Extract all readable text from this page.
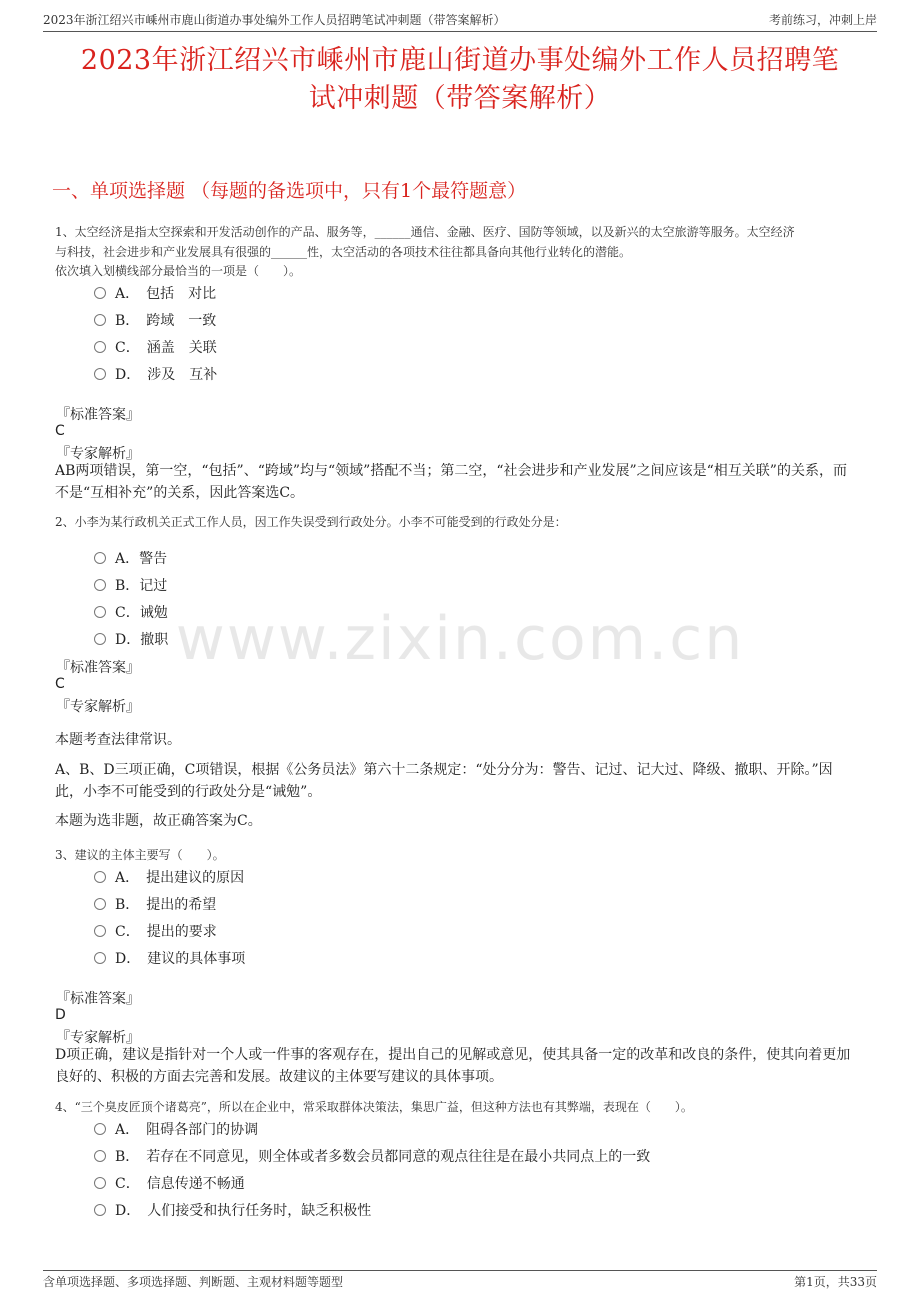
2023年浙江绍兴市嵊州市鹿山街道办事处编外工作人员招聘笔试冲刺题（带答案解析）	考前练习，冲刺上岸
2023年浙江绍兴市嵊州市鹿山街道办事处编外工作人员招聘笔
试冲刺题（带答案解析）
一、单项选择题 （每题的备选项中，只有1个最符题意）
www.zixin.com.cn
1、太空经济是指太空探索和开发活动创作的产品、服务等，______通信、金融、医疗、国防等领域，以及新兴的太空旅游等服务。太空经济
与科技，社会进步和产业发展具有很强的______性，太空活动的各项技术往往都具备向其他行业转化的潜能。
依次填入划横线部分最恰当的一项是（　　）。
A．　包括　对比
B．　跨域　一致
C．　涵盖　关联
D．　涉及　互补
『标准答案』
C
『专家解析』
AB两项错误，第一空，“包括”、“跨域”均与“领域”搭配不当；第二空，“社会进步和产业发展”之间应该是“相互关联”的关系，而不是“互相补充”的关系，因此答案选C。
2、小李为某行政机关正式工作人员，因工作失误受到行政处分。小李不可能受到的行政处分是：
A．警告
B．记过
C．诫勉
D．撤职
『标准答案』
C
『专家解析』
本题考查法律常识。
A、B、D三项正确，C项错误，根据《公务员法》第六十二条规定：“处分分为：警告、记过、记大过、降级、撤职、开除。”因此，小李不可能受到的行政处分是“诫勉”。
本题为选非题，故正确答案为C。
3、建议的主体主要写（　　）。
A．　提出建议的原因
B．　提出的希望
C．　提出的要求
D．　建议的具体事项
『标准答案』
D
『专家解析』
D项正确，建议是指针对一个人或一件事的客观存在，提出自己的见解或意见，使其具备一定的改革和改良的条件，使其向着更加良好的、积极的方面去完善和发展。故建议的主体要写建议的具体事项。
4、“三个臭皮匠顶个诸葛亮”，所以在企业中，常采取群体决策法，集思广益，但这种方法也有其弊端，表现在（　　）。
A．　阻碍各部门的协调
B．　若存在不同意见，则全体或者多数会员都同意的观点往往是在最小共同点上的一致
C．　信息传递不畅通
D．　人们接受和执行任务时，缺乏积极性
含单项选择题、多项选择题、判断题、主观材料题等题型	第1页，共33页
